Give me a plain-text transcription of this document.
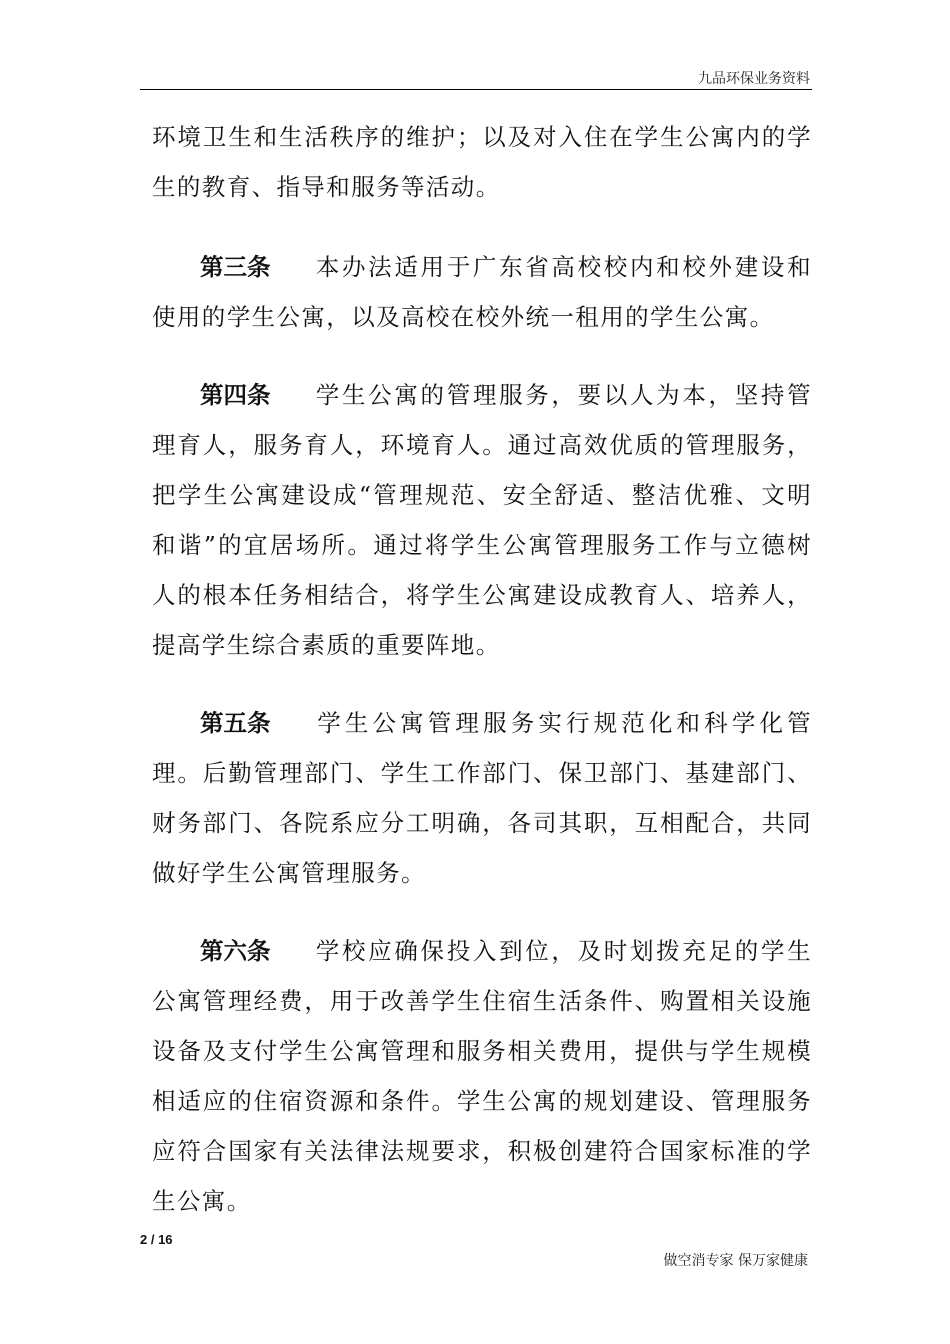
九品环保业务资料

环境卫生和生活秩序的维护；以及对入住在学生公寓内的学生的教育、指导和服务等活动。

第三条 本办法适用于广东省高校校内和校外建设和使用的学生公寓，以及高校在校外统一租用的学生公寓。

第四条 学生公寓的管理服务，要以人为本，坚持管理育人，服务育人，环境育人。通过高效优质的管理服务，把学生公寓建设成“管理规范、安全舒适、整洁优雅、文明和谐”的宜居场所。通过将学生公寓管理服务工作与立德树人的根本任务相结合，将学生公寓建设成教育人、培养人，提高学生综合素质的重要阵地。

第五条 学生公寓管理服务实行规范化和科学化管理。后勤管理部门、学生工作部门、保卫部门、基建部门、财务部门、各院系应分工明确，各司其职，互相配合，共同做好学生公寓管理服务。

第六条 学校应确保投入到位，及时划拨充足的学生公寓管理经费，用于改善学生住宿生活条件、购置相关设施设备及支付学生公寓管理和服务相关费用，提供与学生规模相适应的住宿资源和条件。学生公寓的规划建设、管理服务应符合国家有关法律法规要求，积极创建符合国家标准的学生公寓。

2 / 16
做空消专家 保万家健康
